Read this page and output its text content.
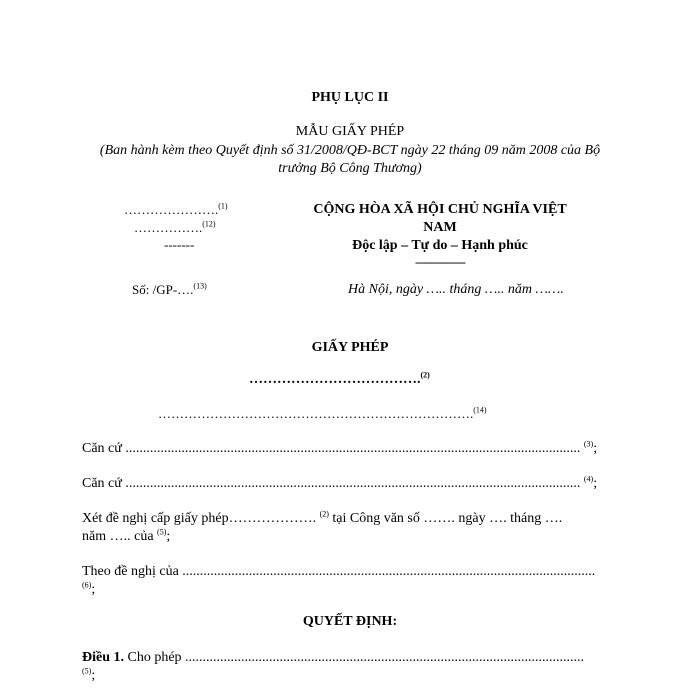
PHỤ LỤC II
MẪU GIẤY PHÉP
(Ban hành kèm theo Quyết định số 31/2008/QĐ-BCT ngày 22 tháng 09 năm 2008 của Bộ
trưởng Bộ Công Thương)
………………….$^{(1)}$
…………….$^{(12)}$
-------
Số: /GP-….$^{(13)}$
CỘNG HÒA XÃ HỘI CHỦ NGHĨA VIỆT
NAM
Độc lập – Tự do – Hạnh phúc
---------------
Hà Nội, ngày ….. tháng ….. năm …….
GIẤY PHÉP
……………………………….$^{(2)}$
……………………………………………………………….$^{(14)}$
Căn cứ .................................................................................................................................. $^{(3)}$;
Căn cứ .................................................................................................................................. $^{(4)}$;
Xét đề nghị cấp giấy phép………………. $^{(2)}$ tại Công văn số ……. ngày …. tháng ….
năm ….. của $^{(5)}$;
Theo đề nghị của ......................................................................................................................
$^{(6)}$;
QUYẾT ĐỊNH:
Điều 1. Cho phép ..................................................................................................................
$^{(5)}$;
